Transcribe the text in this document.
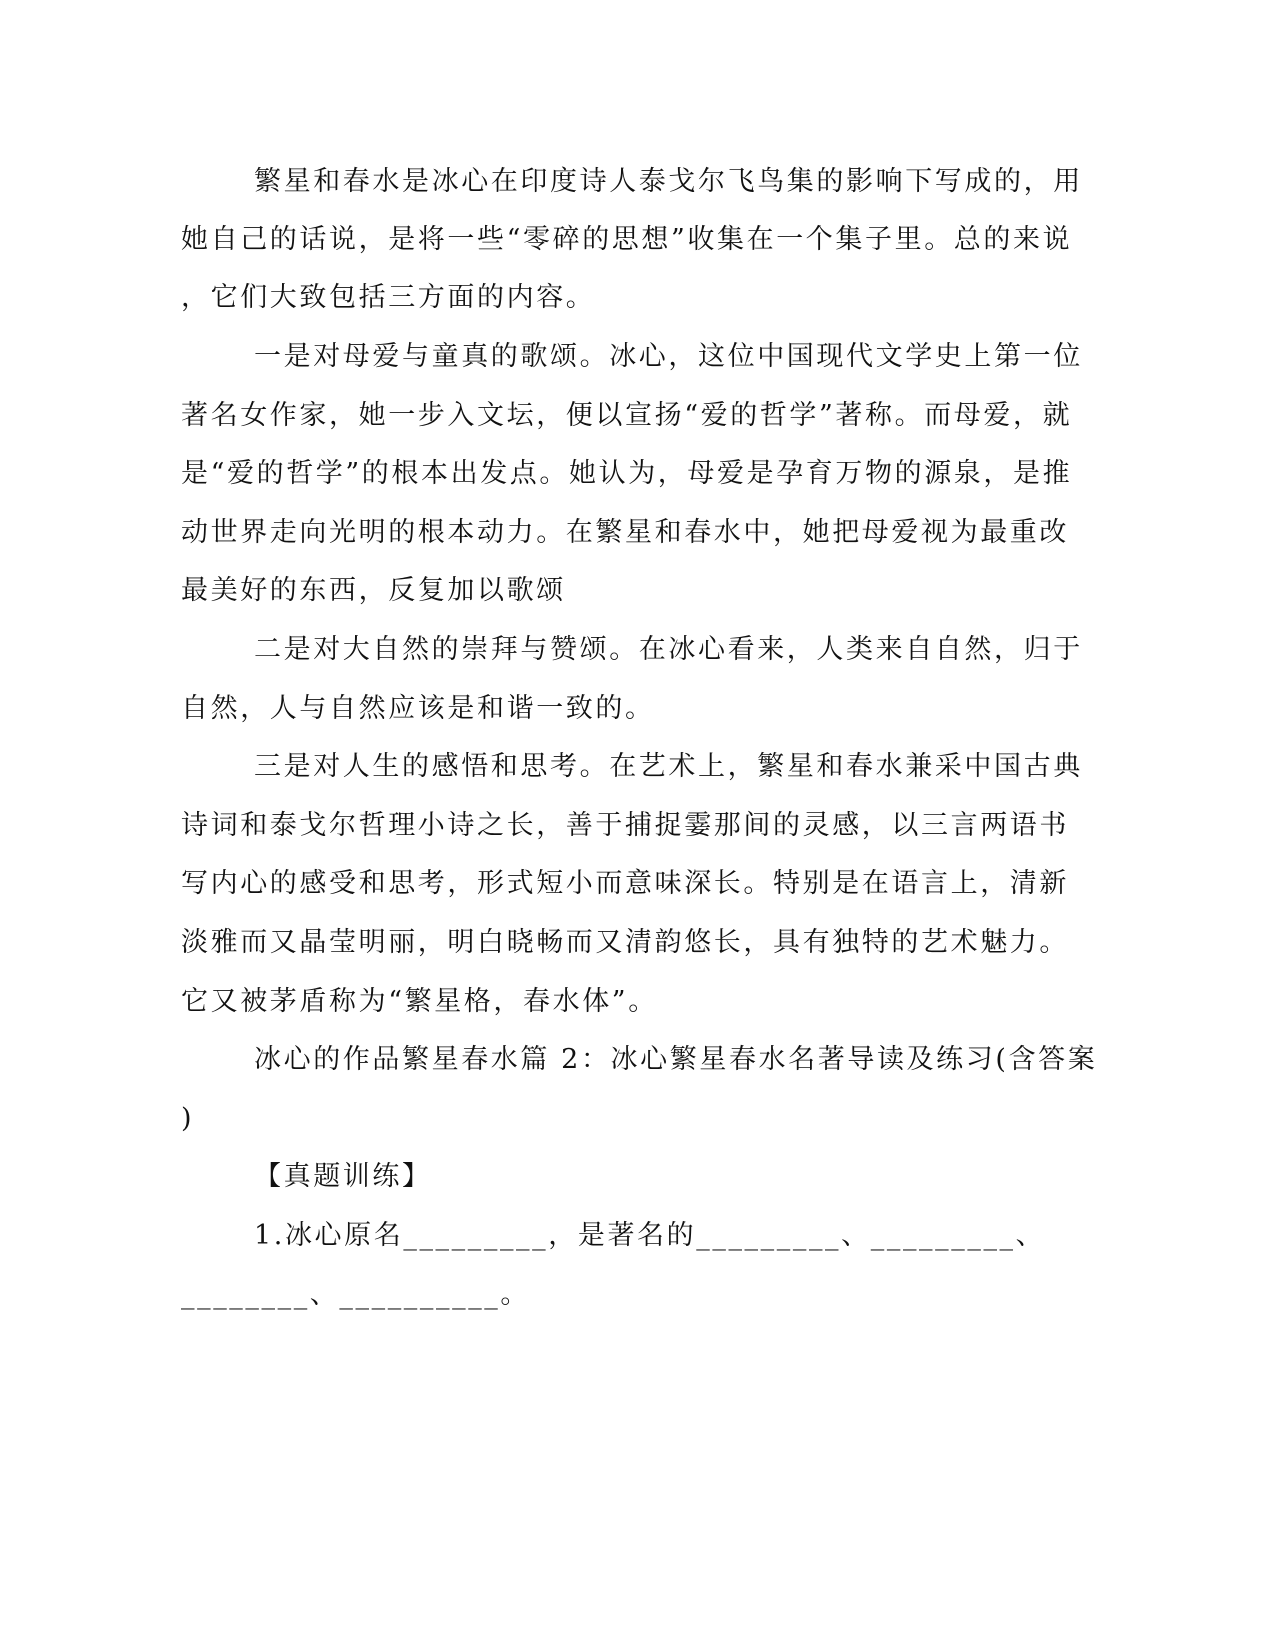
繁星和春水是冰心在印度诗人泰戈尔飞鸟集的影响下写成的，用
她自己的话说，是将一些“零碎的思想”收集在一个集子里。总的来说
，它们大致包括三方面的内容。
一是对母爱与童真的歌颂。冰心，这位中国现代文学史上第一位
著名女作家，她一步入文坛，便以宣扬“爱的哲学”著称。而母爱，就
是“爱的哲学”的根本出发点。她认为，母爱是孕育万物的源泉，是推
动世界走向光明的根本动力。在繁星和春水中，她把母爱视为最重改
最美好的东西，反复加以歌颂
二是对大自然的崇拜与赞颂。在冰心看来，人类来自自然，归于
自然，人与自然应该是和谐一致的。
三是对人生的感悟和思考。在艺术上，繁星和春水兼采中国古典
诗词和泰戈尔哲理小诗之长，善于捕捉霎那间的灵感，以三言两语书
写内心的感受和思考，形式短小而意味深长。特别是在语言上，清新
淡雅而又晶莹明丽，明白晓畅而又清韵悠长，具有独特的艺术魅力。
它又被茅盾称为“繁星格，春水体”。
冰心的作品繁星春水篇 2：冰心繁星春水名著导读及练习(含答案
)
【真题训练】
1.冰心原名_________，是著名的_________、_________、
________、__________。
